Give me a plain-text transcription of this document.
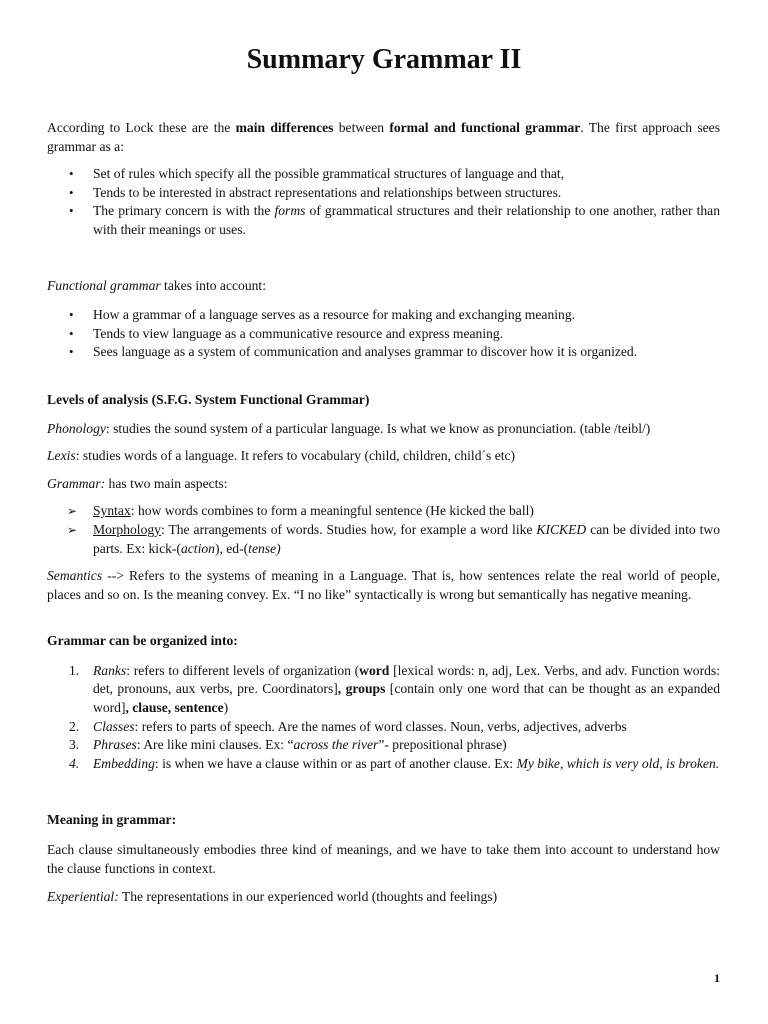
Summary Grammar II

According to Lock these are the main differences between formal and functional grammar. The first approach sees grammar as a:

• Set of rules which specify all the possible grammatical structures of language and that,
• Tends to be interested in abstract representations and relationships between structures.
• The primary concern is with the forms of grammatical structures and their relationship to one another, rather than with their meanings or uses.

Functional grammar takes into account:

• How a grammar of a language serves as a resource for making and exchanging meaning.
• Tends to view language as a communicative resource and express meaning.
• Sees language as a system of communication and analyses grammar to discover how it is organized.
Levels of analysis (S.F.G. System Functional Grammar)

Phonology: studies the sound system of a particular language. Is what we know as pronunciation. (table /teibl/)

Lexis: studies words of a language. It refers to vocabulary (child, children, child´s etc)

Grammar: has two main aspects:

➢ Syntax: how words combines to form a meaningful sentence (He kicked the ball)
➢ Morphology: The arrangements of words. Studies how, for example a word like KICKED can be divided into two parts. Ex: kick-(action), ed-(tense)

Semantics --> Refers to the systems of meaning in a Language. That is, how sentences relate the real world of people, places and so on. Is the meaning convey. Ex. “I no like” syntactically is wrong but semantically has negative meaning.

Grammar can be organized into:
1. Ranks: refers to different levels of organization (word [lexical words: n, adj, Lex. Verbs, and adv. Function words: det, pronouns, aux verbs, pre. Coordinators], groups [contain only one word that can be thought as an expanded word], clause, sentence)
2. Classes: refers to parts of speech. Are the names of word classes. Noun, verbs, adjectives, adverbs
3. Phrases: Are like mini clauses. Ex: “across the river”- prepositional phrase)
4. Embedding: is when we have a clause within or as part of another clause. Ex: My bike, which is very old, is broken.
Meaning in grammar:

Each clause simultaneously embodies three kind of meanings, and we have to take them into account to understand how the clause functions in context.

Experiential: The representations in our experienced world (thoughts and feelings)

1
